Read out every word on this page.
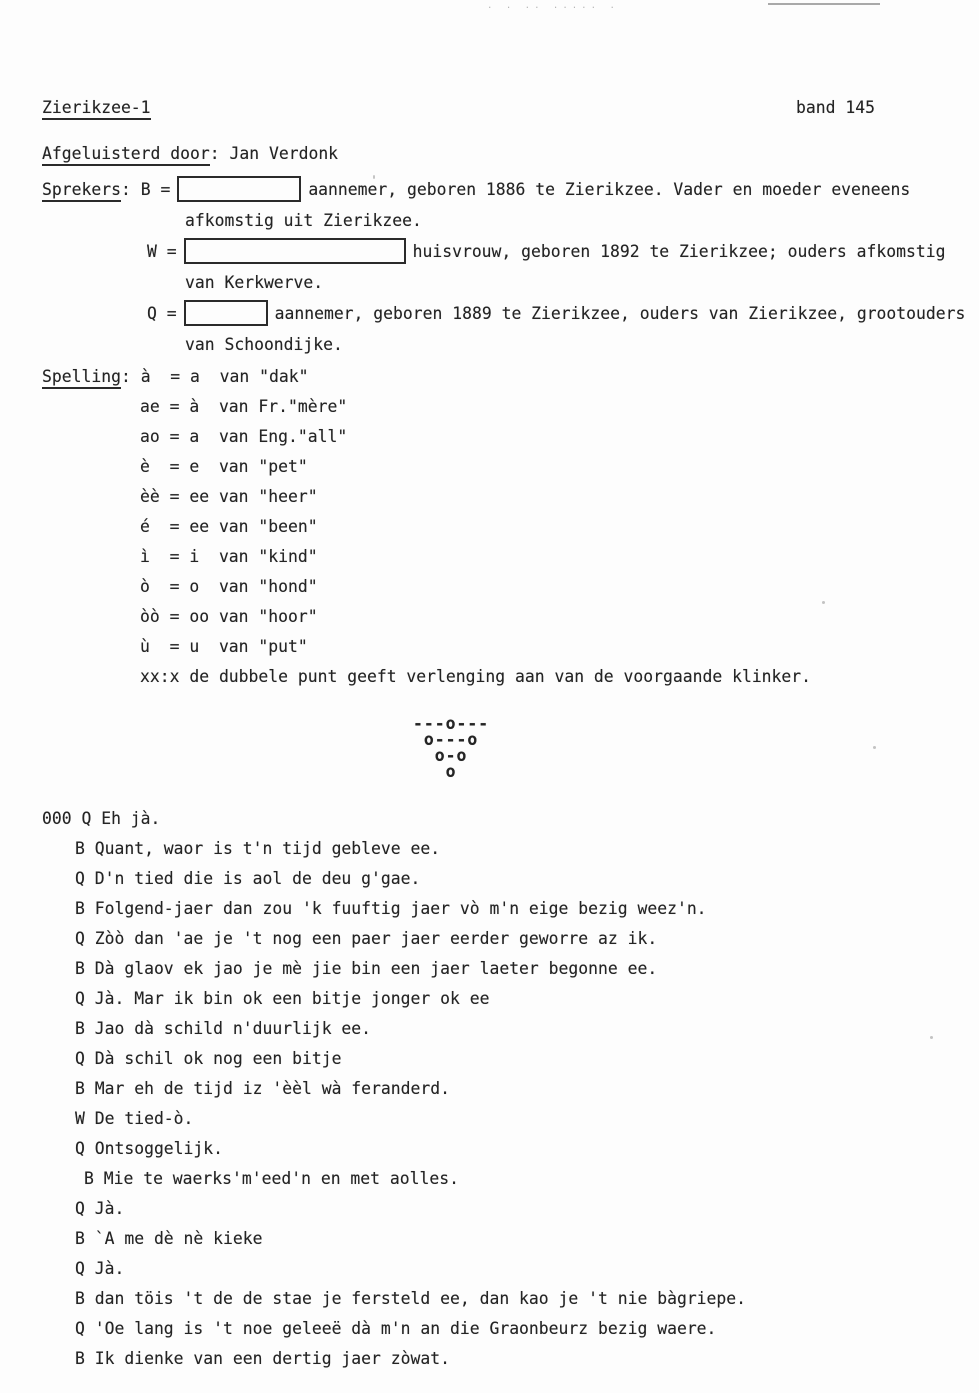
. . .. ..... .
Zierikzee-1	band 145
Afgeluisterd door: Jan Verdonk
Sprekers: B =	aannemer, geboren 1886 te Zierikzee. Vader en moeder eveneens
afkomstig uit Zierikzee.
W =	huisvrouw, geboren 1892 te Zierikzee; ouders afkomstig
van Kerkwerve.
Q =	aannemer, geboren 1889 te Zierikzee, ouders van Zierikzee, grootouders
van Schoondijke.
Spelling: à  = a  van "dak"
ae = à  van Fr."mère"
ao = a  van Eng."all"
è  = e  van "pet"
èè = ee van "heer"
é  = ee van "been"
ì  = i  van "kind"
ò  = o  van "hond"
òò = oo van "hoor"
ù  = u  van "put"
xx:x de dubbele punt geeft verlenging aan van de voorgaande klinker.
---o---
o---o
o-o
o
000 Q Eh jà.
B Quant, waor is t'n tijd gebleve ee.
Q D'n tied die is aol de deu g'gae.
B Folgend-jaer dan zou 'k fuuftig jaer vò m'n eige bezig weez'n.
Q Zòò dan 'ae je 't nog een paer jaer eerder geworre az ik.
B Dà glaov ek jao je mè jie bin een jaer laeter begonne ee.
Q Jà. Mar ik bin ok een bitje jonger ok ee
B Jao dà schild n'duurlijk ee.
Q Dà schil ok nog een bitje
B Mar eh de tijd iz 'èèl wà feranderd.
W De tied-ò.
Q Ontsoggelijk.
B Mie te waerks'm'eed'n en met aolles.
Q Jà.
B `A me dè nè kieke
Q Jà.
B dan töis 't de de stae je fersteld ee, dan kao je 't nie bàgriepe.
Q 'Oe lang is 't noe geleeë dà m'n an die Graonbeurz bezig waere.
B Ik dienke van een dertig jaer zòwat.
